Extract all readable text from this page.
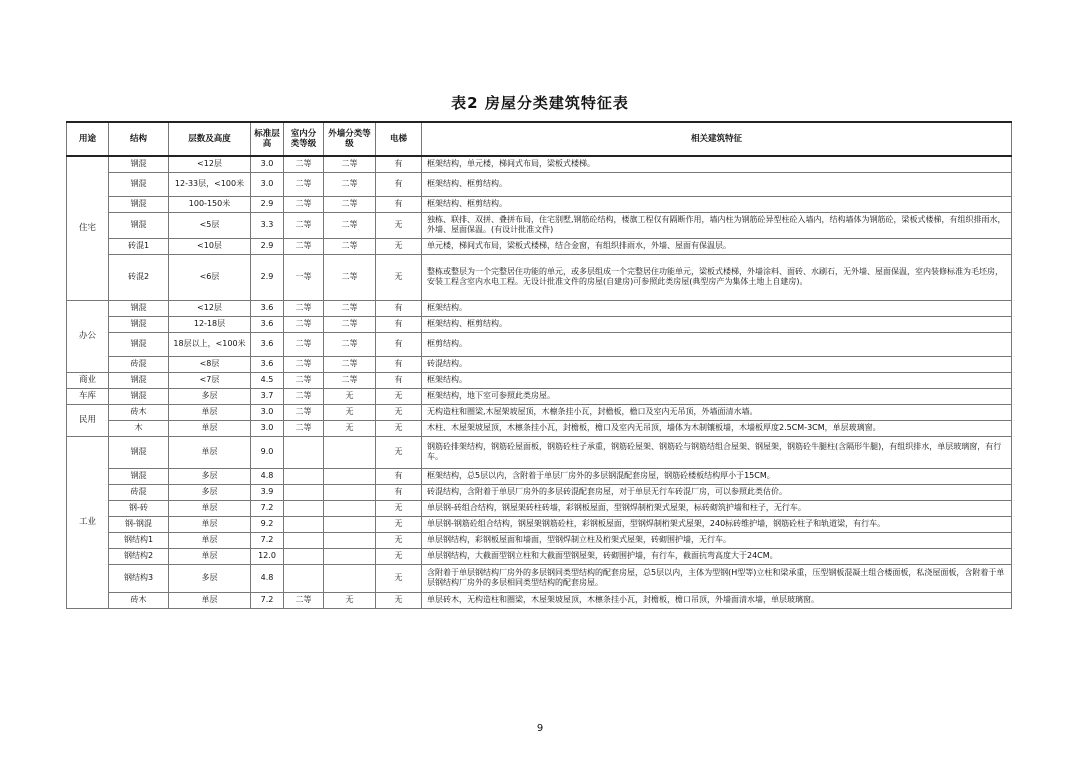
表2 房屋分类建筑特征表
用途	结构	层数及高度	标准层高	室内分类等级	外墙分类等级	电梯	相关建筑特征
住宅	钢混	<12层	3.0	二等	二等	有	框架结构，单元楼，梯间式布局，梁板式楼梯。
	钢混	12-33层，<100米	3.0	二等	二等	有	框架结构、框剪结构。
	钢混	100-150米	2.9	二等	二等	有	框架结构、框剪结构。
	钢混	<5层	3.3	二等	二等	无	独栋、联排、双拼、叠拼布局，住宅别墅,钢筋砼结构，楼旗工程仅有隔断作用，墙内柱为钢筋砼异型柱砼入墙内，结构墙体为钢筋砼，梁板式楼梯，有组织排雨水，外墙、屋面保温。(有设计批准文件)
	砖混1	<10层	2.9	二等	二等	无	单元楼，梯间式布局，梁板式楼梯，结合金窗，有组织排雨水，外墙、屋面有保温层。
	砖混2	<6层	2.9	一等	二等	无	整栋或整层为一个完整居住功能的单元，或多层组成一个完整居住功能单元，梁板式楼梯，外墙涂料、面砖、水刷石，无外墙、屋面保温，室内装修标准为毛坯房，安装工程含室内水电工程。无设计批准文件的房屋(自建房)可参照此类房屋(典型房产为集体土地上自建房)。
办公	钢混	<12层	3.6	二等	二等	有	框架结构。
	钢混	12-18层	3.6	二等	二等	有	框架结构、框剪结构。
	钢混	18层以上，<100米	3.6	二等	二等	有	框剪结构。
	砖混	<8层	3.6	二等	二等	有	砖混结构。
商业	钢混	<7层	4.5	二等	二等	有	框架结构。
车库	钢混	多层	3.7	二等	无	无	框架结构，地下室可参照此类房屋。
民用	砖木	单层	3.0	二等	无	无	无构造柱和圈梁,木屋架坡屋顶，木檩条挂小瓦，封檐板，檐口及室内无吊顶，外墙面清水墙。
	木	单层	3.0	二等	无	无	木柱、木屋架坡屋顶，木檩条挂小瓦，封檐板，檐口及室内无吊顶，墙体为木制镶板墙，木墙板厚度2.5CM-3CM，单层玻璃窗。
工业	钢混	单层	9.0			无	钢筋砼排架结构，钢筋砼屋面板，钢筋砼柱子承重，钢筋砼屋架、钢筋砼与钢筋结组合屋架、钢屋架，钢筋砼牛腿柱(含隔形牛腿)，有组织排水，单层玻璃窗，有行车。
	钢混	多层	4.8			有	框架结构，总5层以内，含附着于单层厂房外的多层钢混配套房屋，钢筋砼楼板结构厚小于15CM。
	砖混	多层	3.9			有	砖混结构，含附着于单层厂房外的多层砖混配套房屋，对于单层无行车砖混厂房，可以参照此类估价。
	钢-砖	单层	7.2			无	单层钢-砖组合结构，钢屋架砖柱砖墙，彩钢板屋面，型钢焊制桁架式屋架，标砖砌筑护墙和柱子，无行车。
	钢-钢混	单层	9.2			无	单层钢-钢筋砼组合结构，钢屋架钢筋砼柱，彩钢板屋面，型钢焊制桁架式屋架，240标砖维护墙，钢筋砼柱子和轨道梁，有行车。
	钢结构1	单层	7.2			无	单层钢结构，彩钢板屋面和墙面，型钢焊制立柱及桁架式屋架，砖砌围护墙，无行车。
	钢结构2	单层	12.0			无	单层钢结构，大截面型钢立柱和大截面型钢屋架，砖砌围护墙，有行车，截面抗弯高度大于24CM。
	钢结构3	多层	4.8			无	含附着于单层钢结构厂房外的多层钢同类型结构的配套房屋，总5层以内，主体为型钢(H型等)立柱和梁承重，压型钢板混凝土组合楼面板，私浇屋面板，含附着于单层钢结构厂房外的多层相同类型结构的配套房屋。
	砖木	单层	7.2	二等	无	无	单层砖木，无构造柱和圈梁，木屋架坡屋顶，木檩条挂小瓦，封檐板，檐口吊顶，外墙面清水墙，单层玻璃窗。
9
